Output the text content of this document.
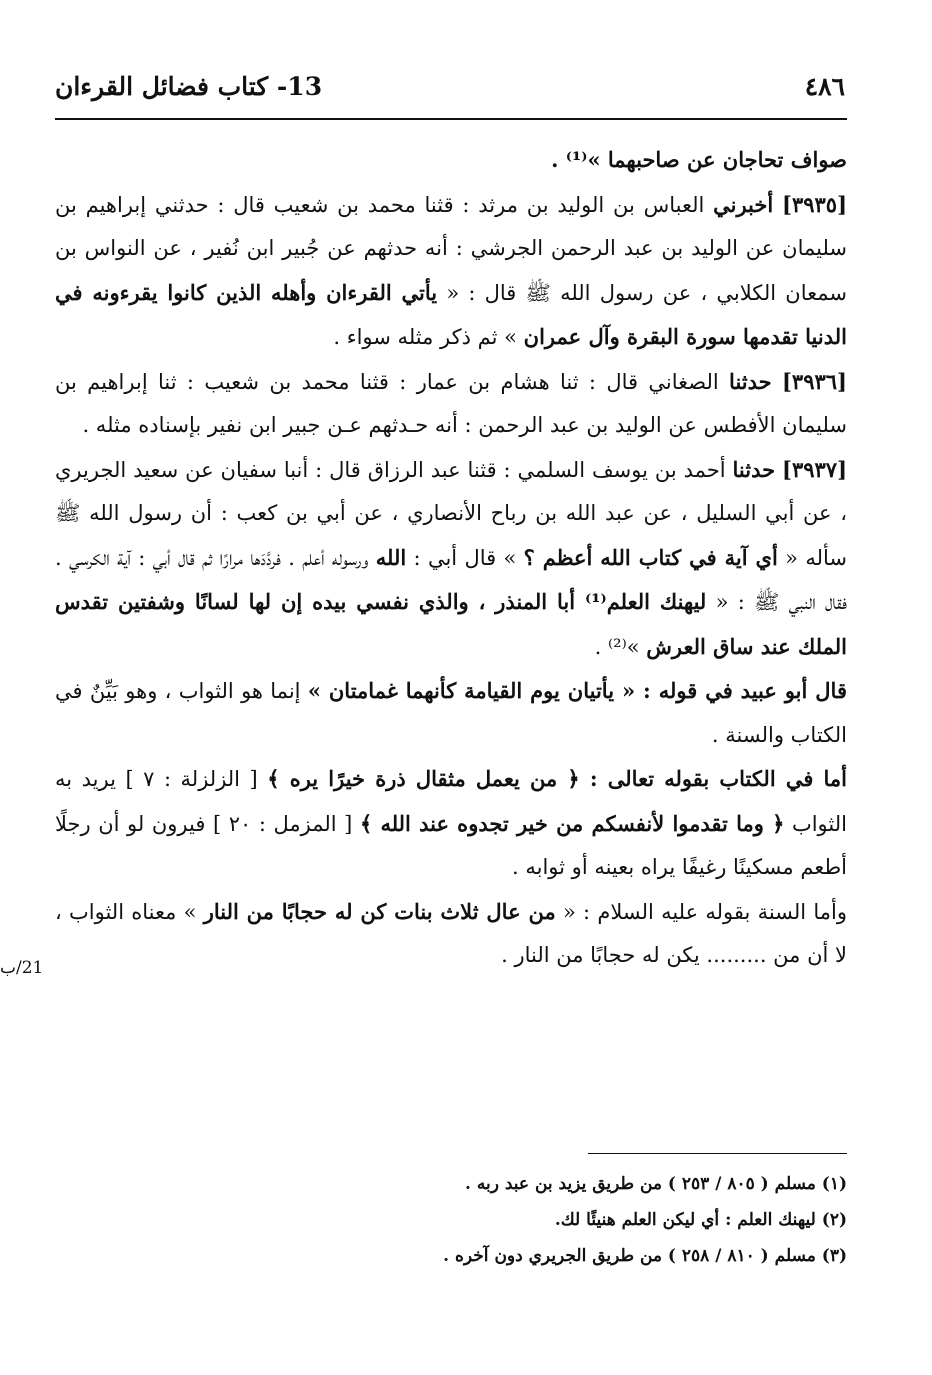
٤٨٦
13- كتاب فضائل القرءان

صواف تحاجان عن صاحبهما »⁽¹⁾ .

[٣٩٣٥] أخبرني العباس بن الوليد بن مرثد : قثنا محمد بن شعيب قال : حدثني إبراهيم بن سليمان عن الوليد بن عبد الرحمن الجرشي : أنه حدثهم عن جُبير ابن نُفير ، عن النواس بن سمعان الكلابي ، عن رسول الله ﷺ قال : « يأتي القرءان وأهله الذين كانوا يقرءونه في الدنيا تقدمها سورة البقرة وآل عمران » ثم ذكر مثله سواء .

[٣٩٣٦] حدثنا الصغاني قال : ثنا هشام بن عمار : قثنا محمد بن شعيب : ثنا إبراهيم بن سليمان الأفطس عن الوليد بن عبد الرحمن : أنه حـدثهم عـن جبير ابن نفير بإسناده مثله .

[٣٩٣٧] حدثنا أحمد بن يوسف السلمي : قثنا عبد الرزاق قال : أنبا سفيان عن سعيد الجريري ، عن أبي السليل ، عن عبد الله بن رباح الأنصاري ، عن أبي بن كعب : أن رسول الله ﷺ سأله « أي آية في كتاب الله أعظم ؟ » قال أبي : الله ورسوله أعلم . فردَّدَها مرارًا ثم قال أبي : آية الكرسي . فقال النبي ﷺ : « ليهنك العلم⁽¹⁾ أبا المنذر ، والذي نفسي بيده إن لها لسانًا وشفتين تقدس الملك عند ساق العرش »⁽²⁾ .

قال أبو عبيد في قوله : « يأتيان يوم القيامة كأنهما غمامتان » إنما هو الثواب ، وهو بَيِّنٌ في الكتاب والسنة .

أما في الكتاب بقوله تعالى : ﴿ من يعمل مثقال ذرة خيرًا يره ﴾ [ الزلزلة : ٧ ] يريد به الثواب ﴿ وما تقدموا لأنفسكم من خير تجدوه عند الله ﴾ [ المزمل : ٢٠ ] فيرون لو أن رجلًا أطعم مسكينًا رغيفًا يراه بعينه أو ثوابه .

وأما السنة بقوله عليه السلام : « من عال ثلاث بنات كن له حجابًا من النار » معناه الثواب ، لا أن من ......... يكن له حجابًا من النار .

21/ب

(١) مسلم ( ٨٠٥ / ٢٥٣ ) من طريق يزيد بن عبد ربه .

(٢) ليهنك العلم : أي ليكن العلم هنيئًا لك.

(٣) مسلم ( ٨١٠ / ٢٥٨ ) من طريق الجريري دون آخره .
